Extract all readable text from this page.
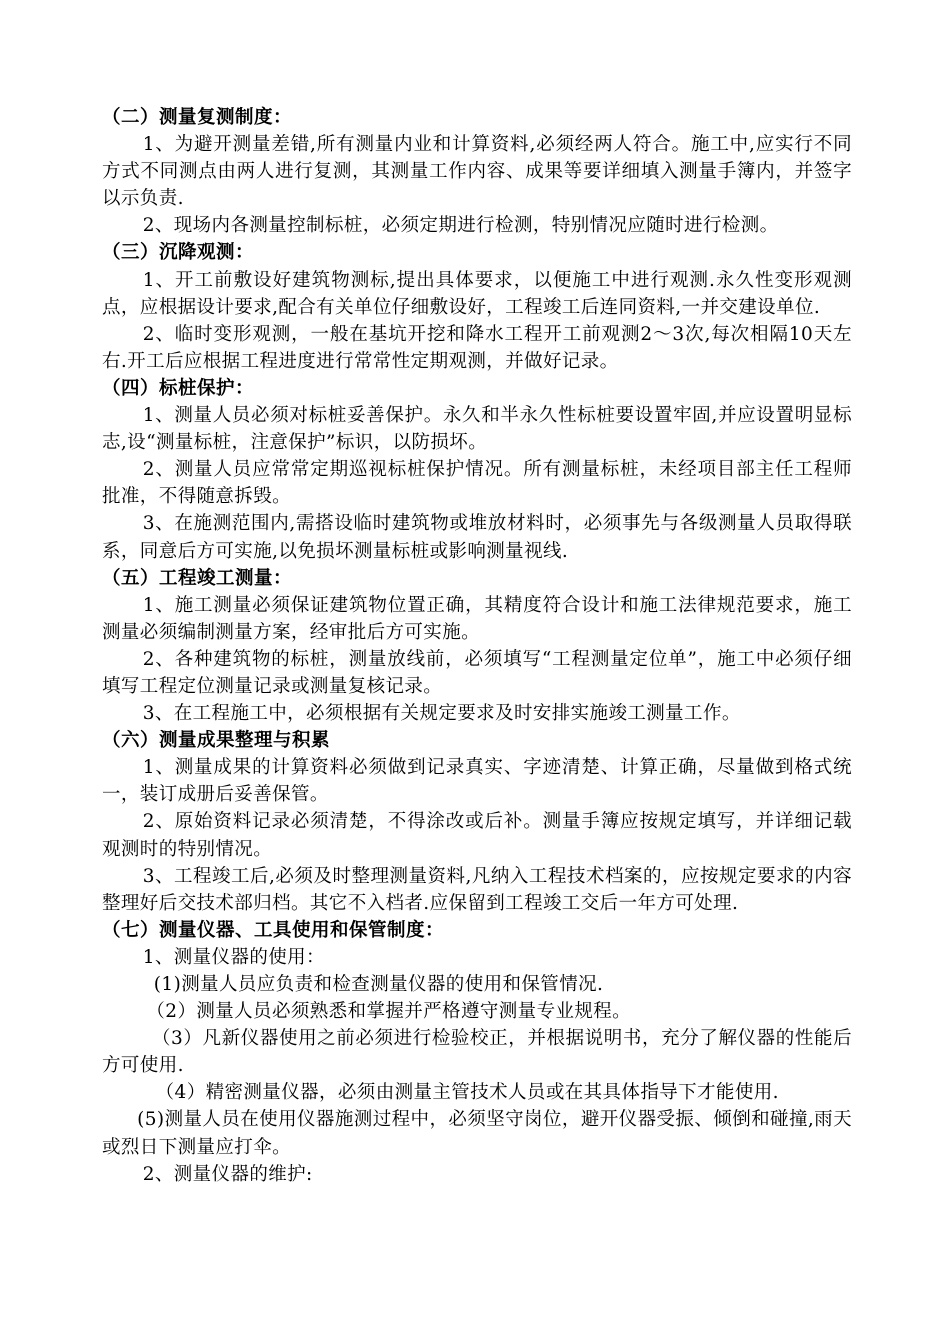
（二）测量复测制度：

1、为避开测量差错,所有测量内业和计算资料,必须经两人符合。施工中,应实行不同方式不同测点由两人进行复测，其测量工作内容、成果等要详细填入测量手簿内，并签字以示负责.

2、现场内各测量控制标桩，必须定期进行检测，特别情况应随时进行检测。

（三）沉降观测：

1、开工前敷设好建筑物测标,提出具体要求，以便施工中进行观测.永久性变形观测点，应根据设计要求,配合有关单位仔细敷设好，工程竣工后连同资料,一并交建设单位.

2、临时变形观测，一般在基坑开挖和降水工程开工前观测2～3次,每次相隔10天左右.开工后应根据工程进度进行常常性定期观测，并做好记录。

（四）标桩保护：

1、测量人员必须对标桩妥善保护。永久和半永久性标桩要设置牢固,并应设置明显标志,设“测量标桩，注意保护”标识，以防损坏。

2、测量人员应常常定期巡视标桩保护情况。所有测量标桩，未经项目部主任工程师批准，不得随意拆毁。

3、在施测范围内,需搭设临时建筑物或堆放材料时，必须事先与各级测量人员取得联系，同意后方可实施,以免损坏测量标桩或影响测量视线.

（五）工程竣工测量：

1、施工测量必须保证建筑物位置正确，其精度符合设计和施工法律规范要求，施工测量必须编制测量方案，经审批后方可实施。

2、各种建筑物的标桩，测量放线前，必须填写“工程测量定位单”，施工中必须仔细填写工程定位测量记录或测量复核记录。

3、在工程施工中，必须根据有关规定要求及时安排实施竣工测量工作。

（六）测量成果整理与积累

1、测量成果的计算资料必须做到记录真实、字迹清楚、计算正确，尽量做到格式统一，装订成册后妥善保管。

2、原始资料记录必须清楚，不得涂改或后补。测量手簿应按规定填写，并详细记载观测时的特别情况。

3、工程竣工后,必须及时整理测量资料,凡纳入工程技术档案的，应按规定要求的内容整理好后交技术部归档。其它不入档者.应保留到工程竣工交后一年方可处理.

（七）测量仪器、工具使用和保管制度：

1、测量仪器的使用：

(1)测量人员应负责和检查测量仪器的使用和保管情况.

（2）测量人员必须熟悉和掌握并严格遵守测量专业规程。

（3）凡新仪器使用之前必须进行检验校正，并根据说明书，充分了解仪器的性能后方可使用.

（4）精密测量仪器，必须由测量主管技术人员或在其具体指导下才能使用.

(5)测量人员在使用仪器施测过程中，必须坚守岗位，避开仪器受振、倾倒和碰撞,雨天或烈日下测量应打伞。

2、测量仪器的维护:
